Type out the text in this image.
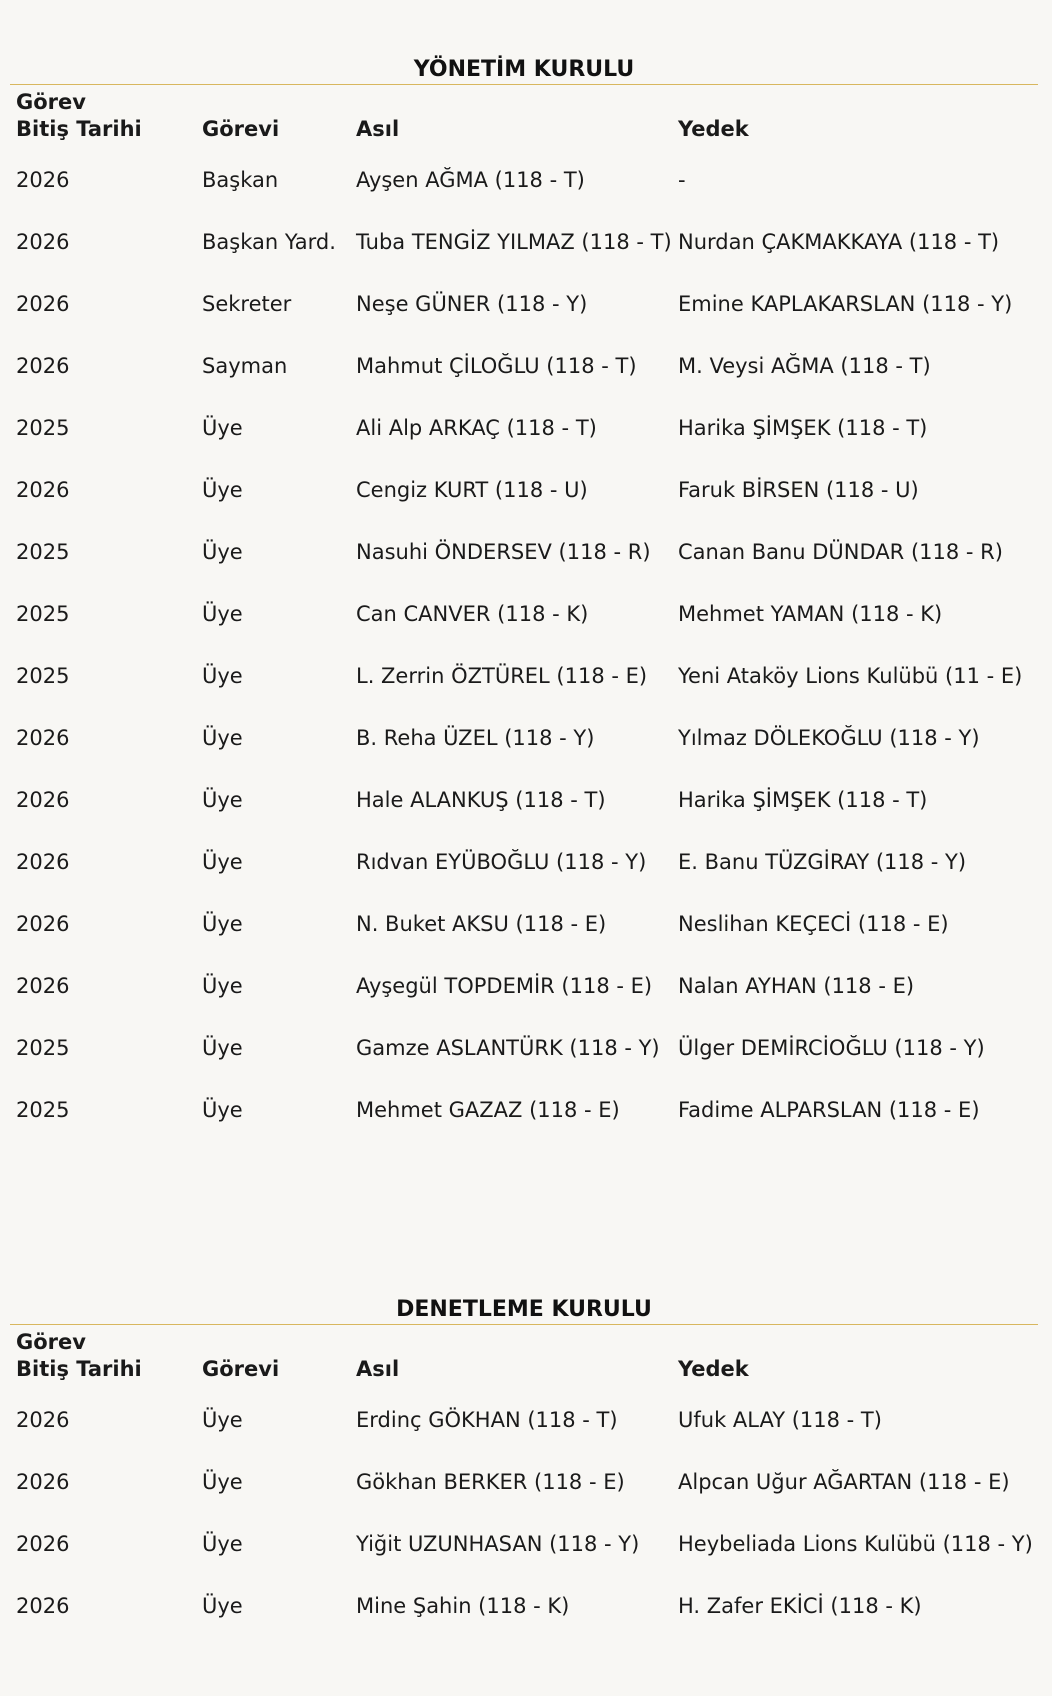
YÖNETİM KURULU
Görev
Bitiş Tarihi	Görevi	Asıl	Yedek
2026	Başkan	Ayşen AĞMA (118 - T)	-
2026	Başkan Yard. Tuba TENGİZ YILMAZ (118 - T) Nurdan ÇAKMAKKAYA (118 - T)
2026	Sekreter	Neşe GÜNER (118 - Y)	Emine KAPLAKARSLAN (118 - Y)
2026	Sayman	Mahmut ÇİLOĞLU (118 - T) M. Veysi AĞMA (118 - T)
2025	Üye	Ali Alp ARKAÇ (118 - T)	Harika ŞİMŞEK (118 - T)
2026	Üye	Cengiz KURT (118 - U)	Faruk BİRSEN (118 - U)
2025	Üye	Nasuhi ÖNDERSEV (118 - R) Canan Banu DÜNDAR (118 - R)
2025	Üye	Can CANVER (118 - K)	Mehmet YAMAN (118 - K)
2025	Üye	L. Zerrin ÖZTÜREL (118 - E) Yeni Ataköy Lions Kulübü (11 - E)
2026	Üye	B. Reha ÜZEL (118 - Y)	Yılmaz DÖLEKOĞLU (118 - Y)
2026	Üye	Hale ALANKUŞ (118 - T)	Harika ŞİMŞEK (118 - T)
2026	Üye	Rıdvan EYÜBOĞLU (118 - Y) E. Banu TÜZGİRAY (118 - Y)
2026	Üye	N. Buket AKSU (118 - E)	Neslihan KEÇECİ (118 - E)
2026	Üye	Ayşegül TOPDEMİR (118 - E) Nalan AYHAN (118 - E)
2025	Üye	Gamze ASLANTÜRK (118 - Y) Ülger DEMİRCİOĞLU (118 - Y)
2025	Üye	Mehmet GAZAZ (118 - E)	Fadime ALPARSLAN (118 - E)
DENETLEME KURULU
Görev
Bitiş Tarihi	Görevi	Asıl	Yedek
2026	Üye	Erdinç GÖKHAN (118 - T)	Ufuk ALAY (118 - T)
2026	Üye	Gökhan BERKER (118 - E)	Alpcan Uğur AĞARTAN (118 - E)
2026	Üye	Yiğit UZUNHASAN (118 - Y) Heybeliada Lions Kulübü (118 - Y)
2026	Üye	Mine Şahin (118 - K)	H. Zafer EKİCİ (118 - K)
